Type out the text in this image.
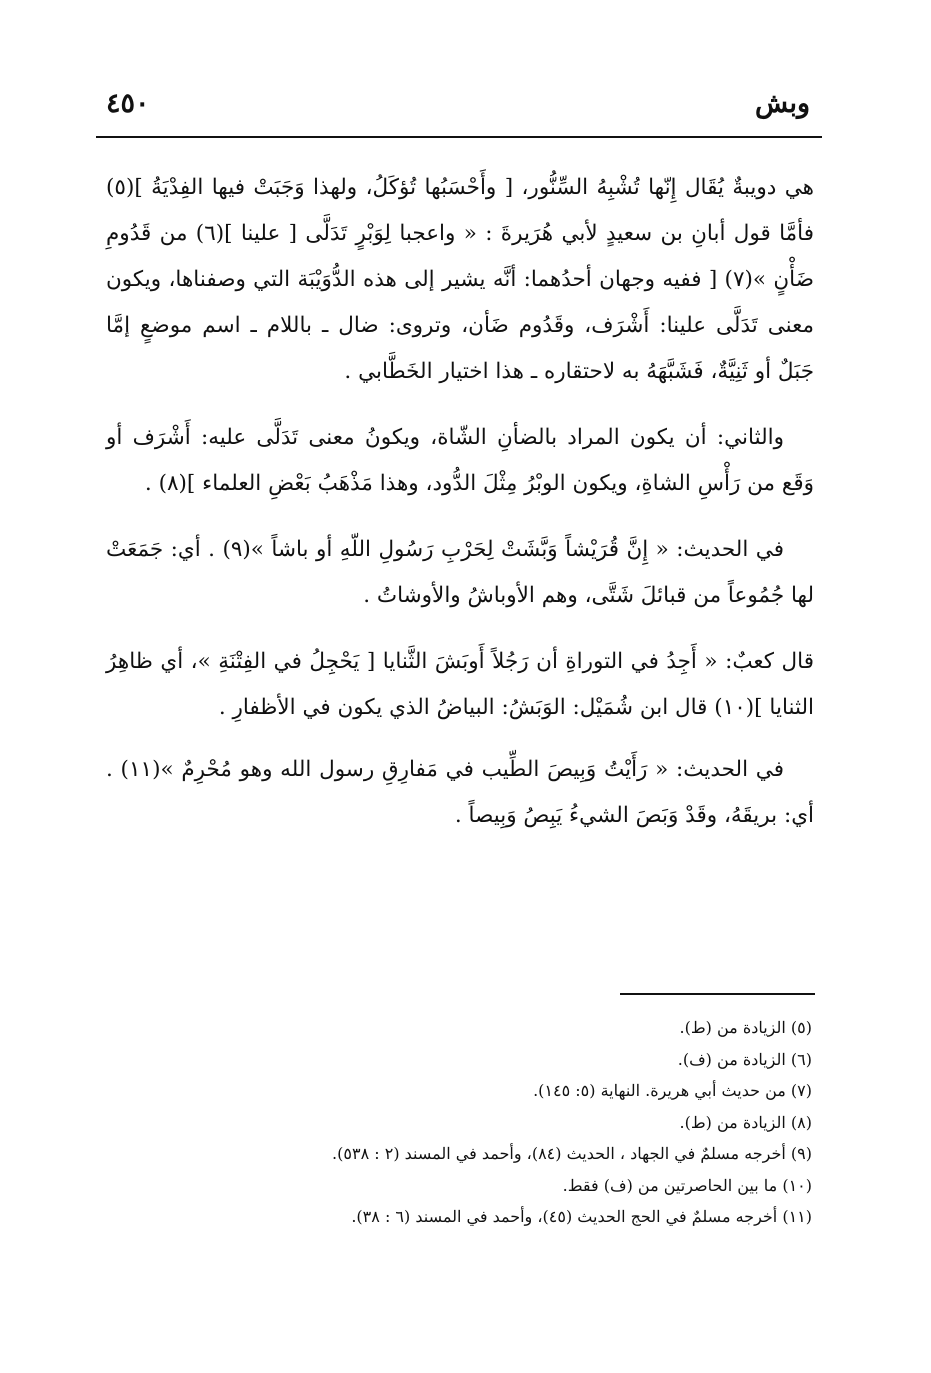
وبش
٤٥٠

هي دويبةٌ يُقَال إِنّها تُشْبِهُ السِّنُّور، [ وأَحْسَبُها تُؤكَلُ، ولهذا وَجَبَتْ فيها الفِدْيَةُ ](٥) فأمَّا قول أبانِ بن سعيدٍ لأبي هُرَيرةَ : « واعجبا لِوَبْرٍ تَدَلَّى [ علينا ](٦) من قَدُومِ ضَأْنٍ »(٧) [ ففيه وجهان أحدُهما: أنَّه يشير إلى هذه الدُّوَيْبَة التي وصفناها، ويكون معنى تَدَلَّى علينا: أَشْرَف، وقَدُوم ضَأن، وتروى: ضال ـ باللام ـ اسم موضعٍ إمَّا جَبَلٌ أو ثَنِيَّةٌ، فَشَبَّهَهُ به لاحتقاره ـ هذا اختيار الخَطَّابي .

والثاني: أن يكون المراد بالضأنِ الشّاة، ويكونُ معنى تَدَلَّى عليه: أَشْرَف أو وَقَع من رَأْسِ الشاةِ، ويكون الوبْرُ مِثْلَ الدُّود، وهذا مَذْهَبُ بَعْضِ العلماء ](٨) .

في الحديث: « إِنَّ قُرَيْشاً وَبَّشَتْ لِحَرْبِ رَسُولِ اللّهِ أو باشاً »(٩) . أي: جَمَعَتْ لها جُمُوعاً من قبائلَ شَتَّى، وهم الأوباشُ والأوشاتُ .

قال كعبٌ: « أَجِدُ في التوراةِ أن رَجُلاً أَوبَشَ الثَّنايا [ يَحْجِلُ في الفِتْنَةِ »، أي ظاهِرُ الثنايا ](١٠) قال ابن شُمَيْل: الوَبَشُ: البياضُ الذي يكون في الأظفارِ .

في الحديث: « رَأَيْتُ وَبِيصَ الطِّيب في مَفارِقِ رسول الله وهو مُحْرِمٌ »(١١) . أي: بريقَهُ، وقَدْ وَبَصَ الشيءُ يَبِصُ وَبِيصاً .

(٥) الزيادة من (ط).
(٦) الزيادة من (ف).
(٧) من حديث أبي هريرة. النهاية (٥: ١٤٥).
(٨) الزيادة من (ط).
(٩) أخرجه مسلمٌ في الجهاد ، الحديث (٨٤)، وأحمد في المسند (٢ : ٥٣٨).
(١٠) ما بين الحاصرتين من (ف) فقط.
(١١) أخرجه مسلمٌ في الحج الحديث (٤٥)، وأحمد في المسند (٦ : ٣٨).
